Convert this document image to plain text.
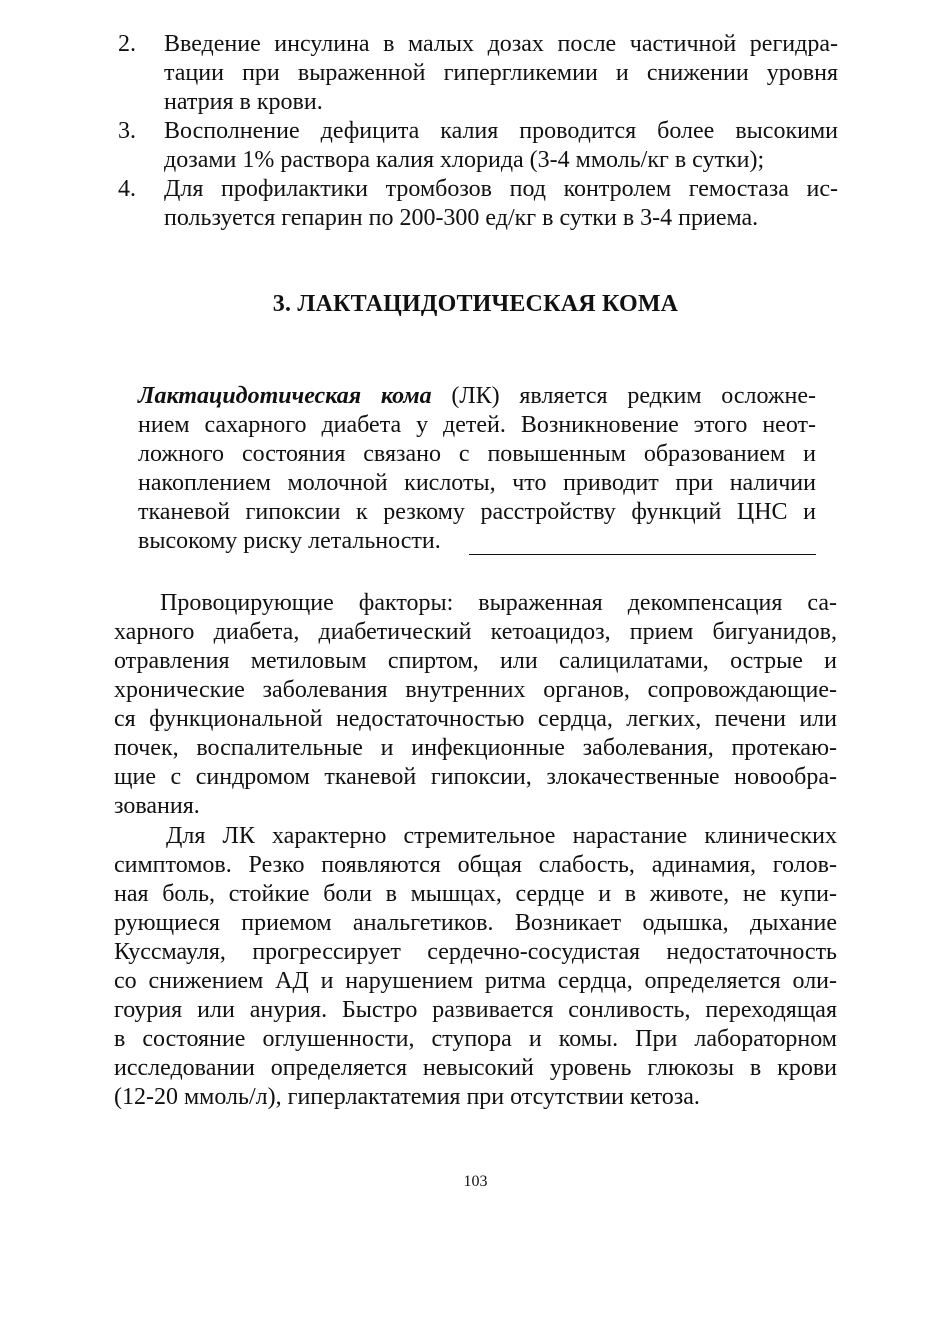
2. Введение инсулина в малых дозах после частичной регидра-
тации при выраженной гипергликемии и снижении уровня
натрия в крови.
3. Восполнение дефицита калия проводится более высокими
дозами 1% раствора калия хлорида (3-4 ммоль/кг в сутки);
4. Для профилактики тромбозов под контролем гемостаза ис-
пользуется гепарин по 200-300 ед/кг в сутки в 3-4 приема.
3. ЛАКТАЦИДОТИЧЕСКАЯ КОМА
Лактацидотическая кома (ЛК) является редким осложне-
нием сахарного диабета у детей. Возникновение этого неот-
ложного состояния связано с повышенным образованием и
накоплением молочной кислоты, что приводит при наличии
тканевой гипоксии к резкому расстройству функций ЦНС и
высокому риску летальности.
Провоцирующие факторы: выраженная декомпенсация са-
харного диабета, диабетический кетоацидоз, прием бигуанидов,
отравления метиловым спиртом, или салицилатами, острые и
хронические заболевания внутренних органов, сопровождающие-
ся функциональной недостаточностью сердца, легких, печени или
почек, воспалительные и инфекционные заболевания, протекаю-
щие с синдромом тканевой гипоксии, злокачественные новообра-
зования.
Для ЛК характерно стремительное нарастание клинических
симптомов. Резко появляются общая слабость, адинамия, голов-
ная боль, стойкие боли в мышцах, сердце и в животе, не купи-
рующиеся приемом анальгетиков. Возникает одышка, дыхание
Куссмауля, прогрессирует сердечно-сосудистая недостаточность
со снижением АД и нарушением ритма сердца, определяется оли-
гоурия или анурия. Быстро развивается сонливость, переходящая
в состояние оглушенности, ступора и комы. При лабораторном
исследовании определяется невысокий уровень глюкозы в крови
(12-20 ммоль/л), гиперлактатемия при отсутствии кетоза.
103
